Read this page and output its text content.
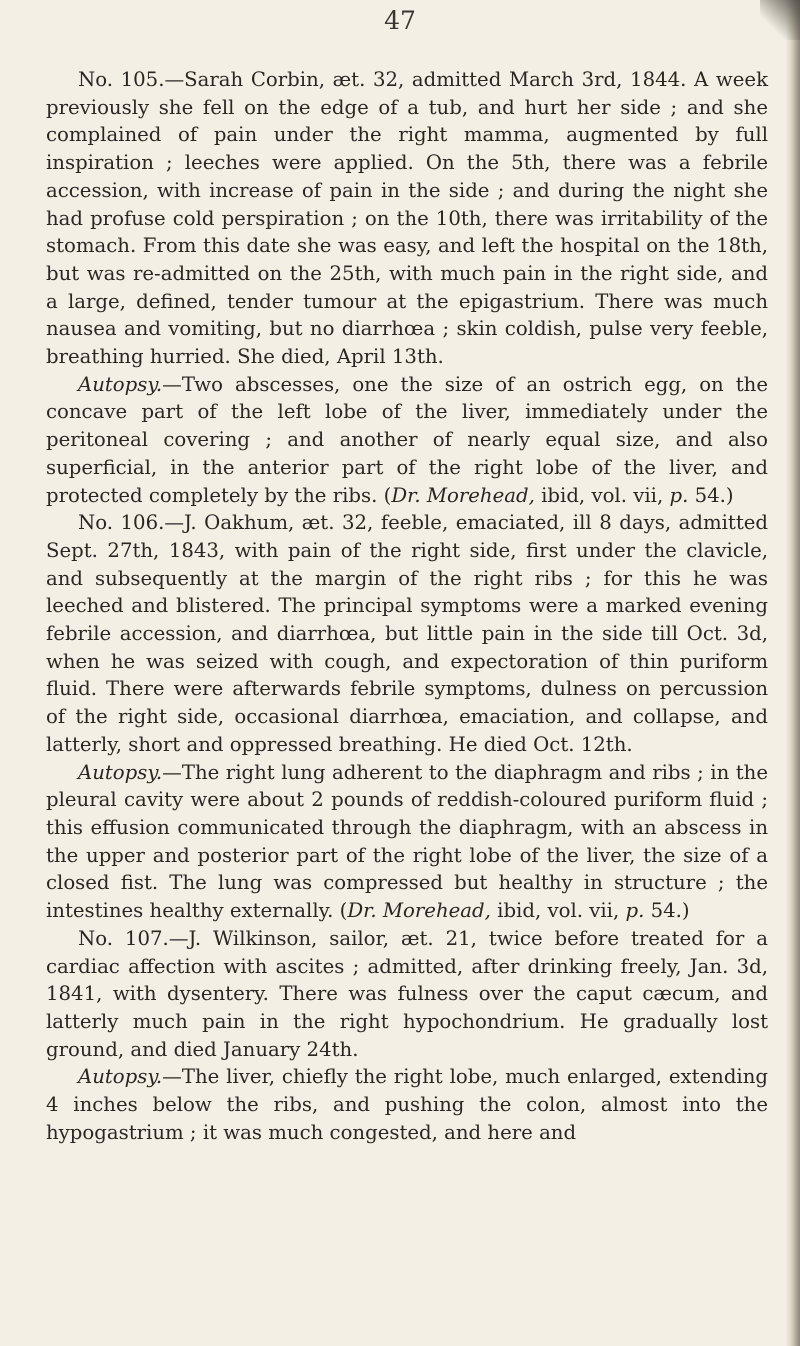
47

No. 105.—Sarah Corbin, æt. 32, admitted March 3rd, 1844. A week previously she fell on the edge of a tub, and hurt her side ; and she complained of pain under the right mamma, augmented by full inspiration ; leeches were applied. On the 5th, there was a febrile accession, with increase of pain in the side ; and during the night she had profuse cold perspiration ; on the 10th, there was irritability of the stomach. From this date she was easy, and left the hospital on the 18th, but was re-admitted on the 25th, with much pain in the right side, and a large, defined, tender tumour at the epigastrium. There was much nausea and vomiting, but no diarrhœa ; skin coldish, pulse very feeble, breathing hurried. She died, April 13th.

Autopsy.—Two abscesses, one the size of an ostrich egg, on the concave part of the left lobe of the liver, immediately under the peritoneal covering ; and another of nearly equal size, and also superficial, in the anterior part of the right lobe of the liver, and protected completely by the ribs. (Dr. Morehead, ibid, vol. vii, p. 54.)

No. 106.—J. Oakhum, æt. 32, feeble, emaciated, ill 8 days, admitted Sept. 27th, 1843, with pain of the right side, first under the clavicle, and subsequently at the margin of the right ribs ; for this he was leeched and blistered. The principal symptoms were a marked evening febrile accession, and diarrhœa, but little pain in the side till Oct. 3d, when he was seized with cough, and expectoration of thin puriform fluid. There were afterwards febrile symptoms, dulness on percussion of the right side, occasional diarrhœa, emaciation, and collapse, and latterly, short and oppressed breathing. He died Oct. 12th.

Autopsy.—The right lung adherent to the diaphragm and ribs ; in the pleural cavity were about 2 pounds of reddish-coloured puriform fluid ; this effusion communicated through the diaphragm, with an abscess in the upper and posterior part of the right lobe of the liver, the size of a closed fist. The lung was compressed but healthy in structure ; the intestines healthy externally. (Dr. Morehead, ibid, vol. vii, p. 54.)

No. 107.—J. Wilkinson, sailor, æt. 21, twice before treated for a cardiac affection with ascites ; admitted, after drinking freely, Jan. 3d, 1841, with dysentery. There was fulness over the caput cæcum, and latterly much pain in the right hypochondrium. He gradually lost ground, and died January 24th.

Autopsy.—The liver, chiefly the right lobe, much enlarged, extending 4 inches below the ribs, and pushing the colon, almost into the hypogastrium ; it was much congested, and here and
